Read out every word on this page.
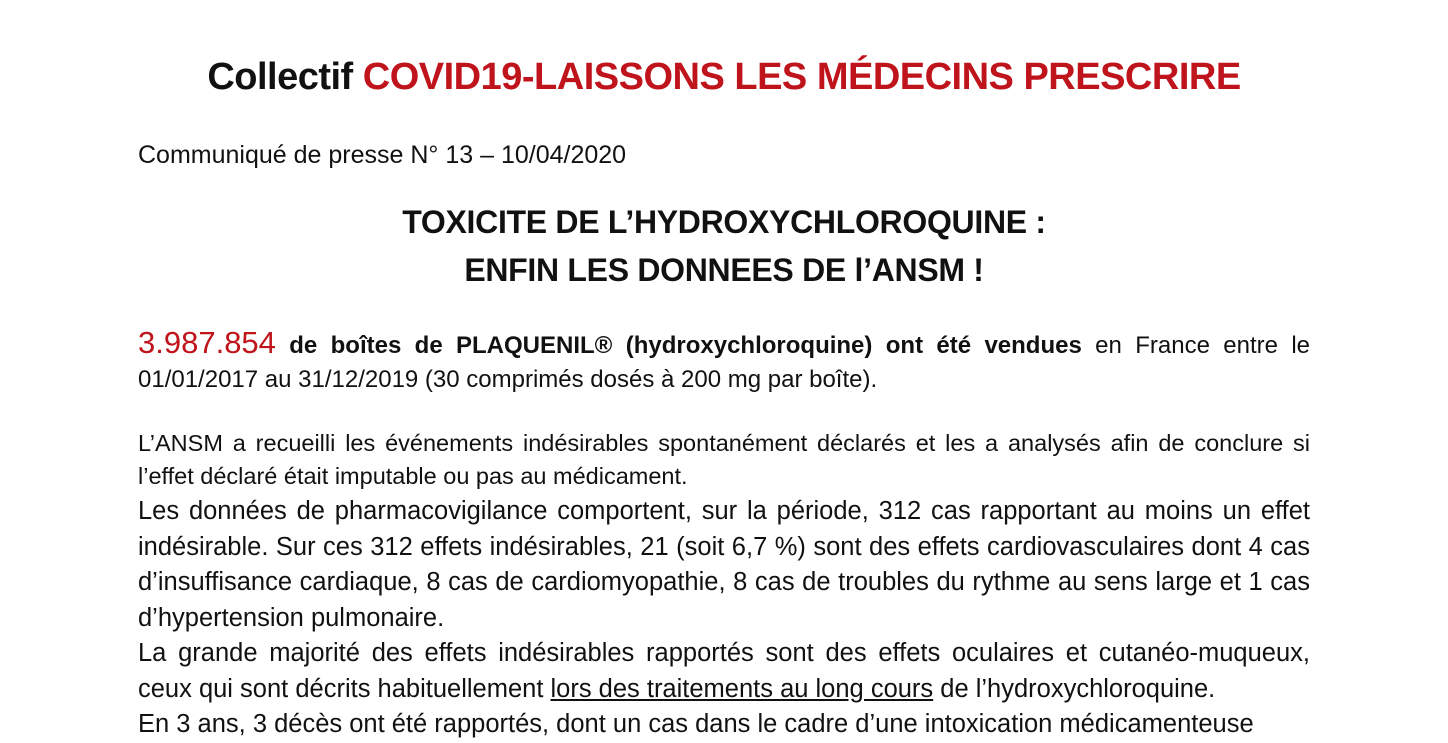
Collectif COVID19-LAISSONS LES MÉDECINS PRESCRIRE
Communiqué de presse N° 13 – 10/04/2020
TOXICITE DE L’HYDROXYCHLOROQUINE :
ENFIN LES DONNEES DE l’ANSM !
3.987.854 de boîtes de PLAQUENIL® (hydroxychloroquine) ont été vendues en France entre le 01/01/2017 au 31/12/2019 (30 comprimés dosés à 200 mg par boîte).
L’ANSM a recueilli les événements indésirables spontanément déclarés et les a analysés afin de conclure si l’effet déclaré était imputable ou pas au médicament.
Les données de pharmacovigilance comportent, sur la période, 312 cas rapportant au moins un effet indésirable. Sur ces 312 effets indésirables, 21 (soit 6,7 %) sont des effets cardiovasculaires dont 4 cas d’insuffisance cardiaque, 8 cas de cardiomyopathie, 8 cas de troubles du rythme au sens large et 1 cas d’hypertension pulmonaire.
La grande majorité des effets indésirables rapportés sont des effets oculaires et cutanéo-muqueux, ceux qui sont décrits habituellement lors des traitements au long cours de l’hydroxychloroquine.
En 3 ans, 3 décès ont été rapportés, dont un cas dans le cadre d’une intoxication médicamenteuse
